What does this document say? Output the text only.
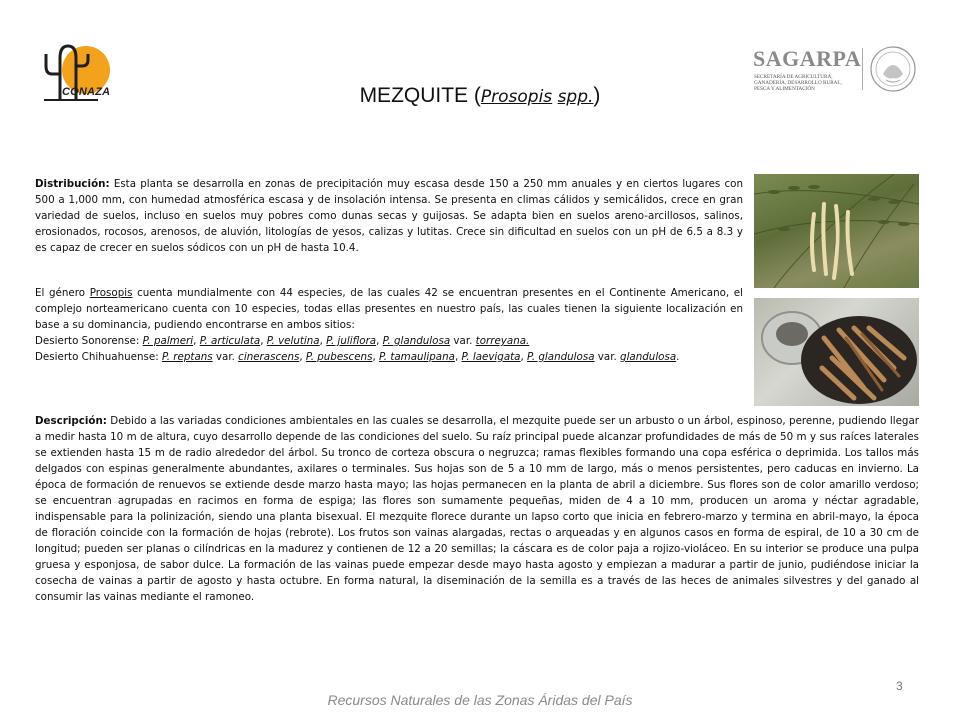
CONAZA
SAGARPA
SECRETARÍA DE AGRICULTURA, GANADERÍA, DESARROLLO RURAL, PESCA Y ALIMENTACIÓN
MEZQUITE (Prosopis spp.)
Distribución: Esta planta se desarrolla en zonas de precipitación muy escasa desde 150 a 250 mm anuales y en ciertos lugares con 500 a 1,000 mm, con humedad atmosférica escasa y de insolación intensa. Se presenta en climas cálidos y semicálidos, crece en gran variedad de suelos, incluso en suelos muy pobres como dunas secas y guijosas. Se adapta bien en suelos areno-arcillosos, salinos, erosionados, rocosos, arenosos, de aluvión, litologías de yesos, calizas y lutitas. Crece sin dificultad en suelos con un pH de 6.5 a 8.3 y es capaz de crecer en suelos sódicos con un pH de hasta 10.4.
El género Prosopis cuenta mundialmente con 44 especies, de las cuales 42 se encuentran presentes en el Continente Americano, el complejo norteamericano cuenta con 10 especies, todas ellas presentes en nuestro país, las cuales tienen la siguiente localización en base a su dominancia, pudiendo encontrarse en ambos sitios:
Desierto Sonorense: P. palmeri, P. articulata, P. velutina, P. juliflora, P. glandulosa var. torreyana.
Desierto Chihuahuense: P. reptans var. cinerascens, P. pubescens, P. tamaulipana, P. laevigata, P. glandulosa var. glandulosa.
Descripción: Debido a las variadas condiciones ambientales en las cuales se desarrolla, el mezquite puede ser un arbusto o un árbol, espinoso, perenne, pudiendo llegar a medir hasta 10 m de altura, cuyo desarrollo depende de las condiciones del suelo. Su raíz principal puede alcanzar profundidades de más de 50 m y sus raíces laterales se extienden hasta 15 m de radio alrededor del árbol. Su tronco de corteza obscura o negruzca; ramas flexibles formando una copa esférica o deprimida. Los tallos más delgados con espinas generalmente abundantes, axilares o terminales. Sus hojas son de 5 a 10 mm de largo, más o menos persistentes, pero caducas en invierno. La época de formación de renuevos se extiende desde marzo hasta mayo; las hojas permanecen en la planta de abril a diciembre. Sus flores son de color amarillo verdoso; se encuentran agrupadas en racimos en forma de espiga; las flores son sumamente pequeñas, miden de 4 a 10 mm, producen un aroma y néctar agradable, indispensable para la polinización, siendo una planta bisexual. El mezquite florece durante un lapso corto que inicia en febrero-marzo y termina en abril-mayo, la época de floración coincide con la formación de hojas (rebrote). Los frutos son vainas alargadas, rectas o arqueadas y en algunos casos en forma de espiral, de 10 a 30 cm de longitud; pueden ser planas o cilíndricas en la madurez y contienen de 12 a 20 semillas; la cáscara es de color paja a rojizo-violáceo. En su interior se produce una pulpa gruesa y esponjosa, de sabor dulce. La formación de las vainas puede empezar desde mayo hasta agosto y empiezan a madurar a partir de junio, pudiéndose iniciar la cosecha de vainas a partir de agosto y hasta octubre. En forma natural, la diseminación de la semilla es a través de las heces de animales silvestres y del ganado al consumir las vainas mediante el ramoneo.
3
Recursos Naturales de las Zonas Áridas del País
